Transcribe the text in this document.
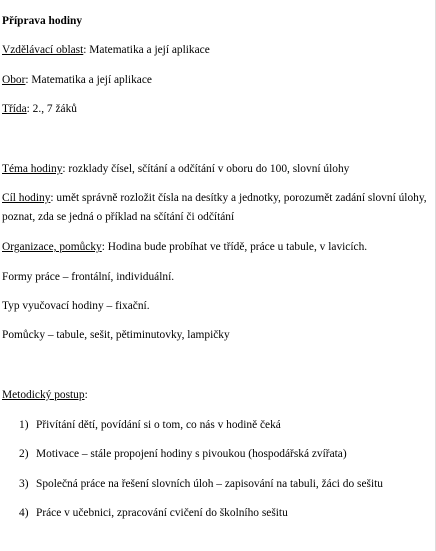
Příprava hodiny
Vzdělávací oblast: Matematika a její aplikace
Obor: Matematika a její aplikace
Třída: 2., 7 žáků
Téma hodiny: rozklady čísel, sčítání a odčítání v oboru do 100, slovní úlohy
Cíl hodiny: umět správně rozložit čísla na desítky a jednotky, porozumět zadání slovní úlohy,
poznat, zda se jedná o příklad na sčítání či odčítání
Organizace, pomůcky: Hodina bude probíhat ve třídě, práce u tabule, v lavicích.
Formy práce – frontální, individuální.
Typ vyučovací hodiny – fixační.
Pomůcky – tabule, sešit, pětiminutovky, lampičky
Metodický postup:
1) Přivítání dětí, povídání si o tom, co nás v hodině čeká
2) Motivace – stále propojení hodiny s pivoukou (hospodářská zvířata)
3) Společná práce na řešení slovních úloh – zapisování na tabuli, žáci do sešitu
4) Práce v učebnici, zpracování cvičení do školního sešitu
